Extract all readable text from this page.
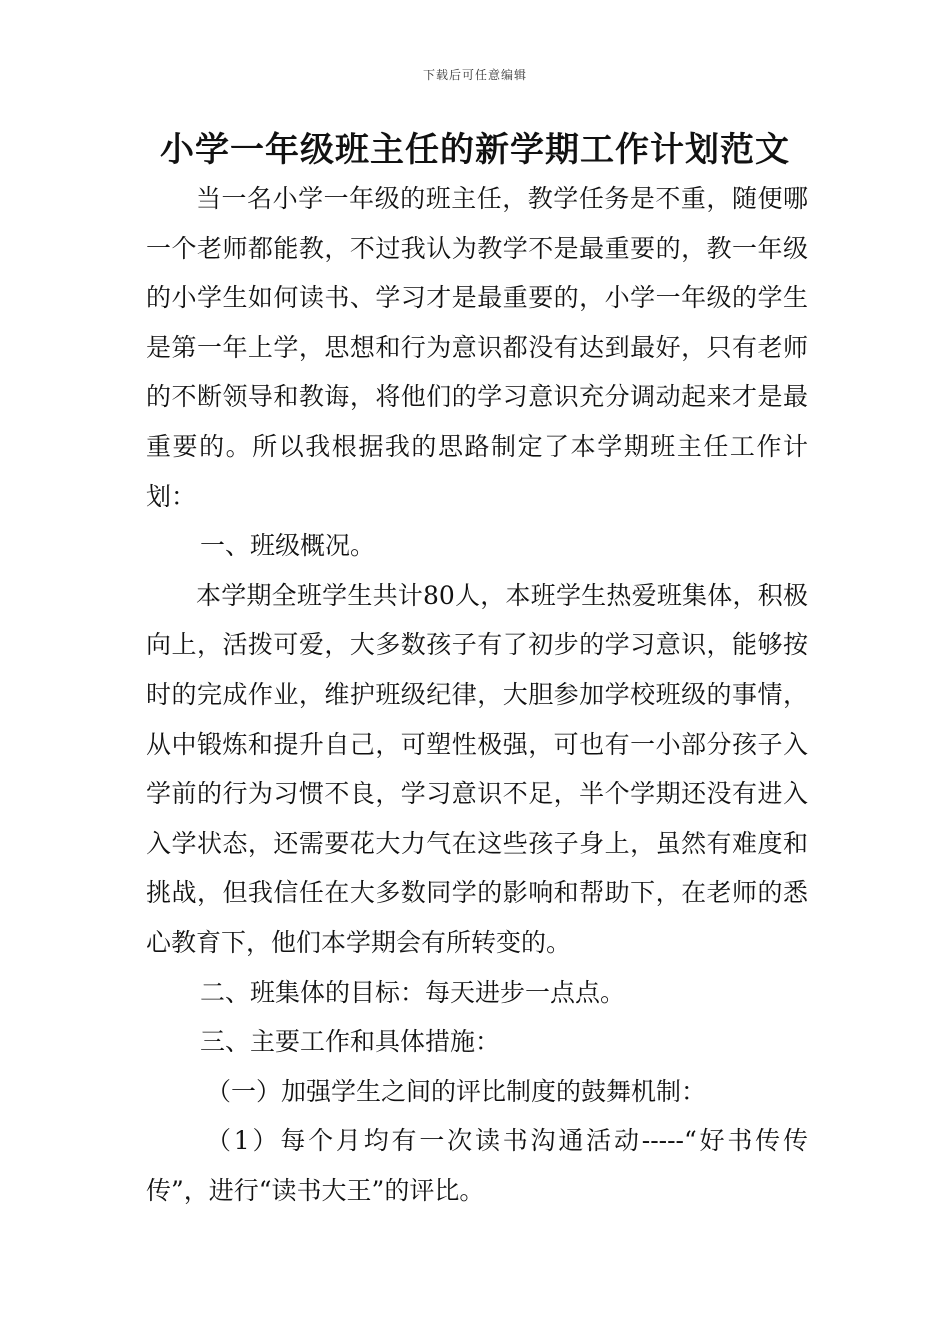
下载后可任意编辑
小学一年级班主任的新学期工作计划范文

当一名小学一年级的班主任，教学任务是不重，随便哪一个老师都能教，不过我认为教学不是最重要的，教一年级的小学生如何读书、学习才是最重要的，小学一年级的学生是第一年上学，思想和行为意识都没有达到最好，只有老师的不断领导和教诲，将他们的学习意识充分调动起来才是最重要的。所以我根据我的思路制定了本学期班主任工作计划：

一、班级概况。

本学期全班学生共计80人，本班学生热爱班集体，积极向上，活拨可爱，大多数孩子有了初步的学习意识，能够按时的完成作业，维护班级纪律，大胆参加学校班级的事情，从中锻炼和提升自己，可塑性极强，可也有一小部分孩子入学前的行为习惯不良，学习意识不足，半个学期还没有进入入学状态，还需要花大力气在这些孩子身上，虽然有难度和挑战，但我信任在大多数同学的影响和帮助下，在老师的悉心教育下，他们本学期会有所转变的。

二、班集体的目标：每天进步一点点。

三、主要工作和具体措施：

（一）加强学生之间的评比制度的鼓舞机制：

（1）每个月均有一次读书沟通活动-----“好书传传传”，进行“读书大王”的评比。
